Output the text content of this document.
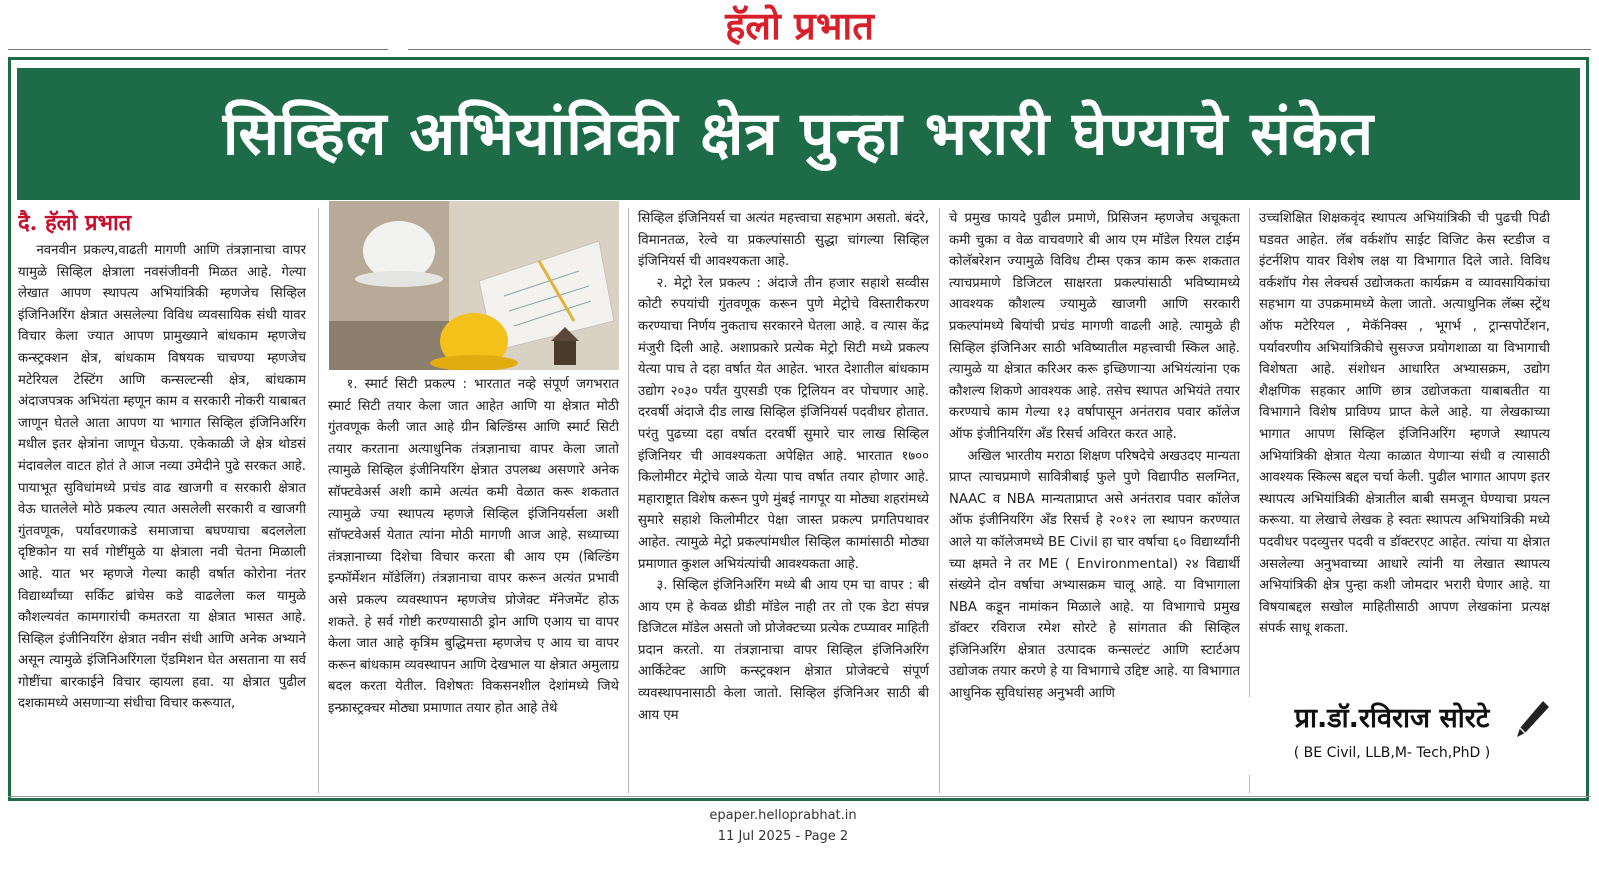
हॅलो प्रभात
सिव्हिल अभियांत्रिकी क्षेत्र पुन्हा भरारी घेण्याचे संकेत
दै. हॅलो प्रभात

नवनवीन प्रकल्प,वाढती मागणी आणि तंत्रज्ञानाचा वापर यामुळे सिव्हिल क्षेत्राला नवसंजीवनी मिळत आहे. गेल्या लेखात आपण स्थापत्य अभियांत्रिकी म्हणजेच सिव्हिल इंजिनिअरिंग क्षेत्रात असलेल्या विविध व्यवसायिक संधी यावर विचार केला ज्यात आपण प्रामुख्याने बांधकाम म्हणजेच कन्स्ट्रक्शन क्षेत्र, बांधकाम विषयक चाचण्या म्हणजेच मटेरियल टेस्टिंग आणि कन्सल्टन्सी क्षेत्र, बांधकाम अंदाजपत्रक अभियंता म्हणून काम व सरकारी नोकरी याबाबत जाणून घेतले आता आपण या भागात सिव्हिल इंजिनिअरिंग मधील इतर क्षेत्रांना जाणून घेऊया. एकेकाळी जे क्षेत्र थोडसं मंदावलेल वाटत होतं ते आज नव्या उमेदीने पुढे सरकत आहे. पायाभूत सुविधांमध्ये प्रचंड वाढ खाजगी व सरकारी क्षेत्रात वेऊ घातलेले मोठे प्रकल्प त्यात असलेली सरकारी व खाजगी गुंतवणूक, पर्यावरणाकडे समाजाचा बघण्याचा बदललेला दृष्टिकोन या सर्व गोष्टींमुळे या क्षेत्राला नवी चेतना मिळाली आहे. यात भर म्हणजे गेल्या काही वर्षात कोरोना नंतर विद्यार्थ्यांच्या सर्किट ब्रांचेस कडे वाढलेला कल यामुळे कौशल्यवंत कामगारांची कमतरता या क्षेत्रात भासत आहे. सिव्हिल इंजीनियरिंग क्षेत्रात नवीन संधी आणि अनेक अभ्याने असून त्यामुळे इंजिनिअरिंगला ऍडमिशन घेत असताना या सर्व गोष्टींचा बारकाईने विचार व्हायला हवा. या क्षेत्रात पुढील दशकामध्ये असणाऱ्या संधीचा विचार करूयात,

१. स्मार्ट सिटी प्रकल्प : भारतात नव्हे संपूर्ण जगभरात स्मार्ट सिटी तयार केला जात आहेत आणि या क्षेत्रात मोठी गुंतवणूक केली जात आहे ग्रीन बिल्डिंग्स आणि स्मार्ट सिटी तयार करताना अत्याधुनिक तंत्रज्ञानाचा वापर केला जातो त्यामुळे सिव्हिल इंजीनियरिंग क्षेत्रात उपलब्ध असणारे अनेक सॉफ्टवेअर्स अशी कामे अत्यंत कमी वेळात करू शकतात त्यामुळे ज्या स्थापत्य म्हणजे सिव्हिल इंजिनियर्सला अशी सॉफ्टवेअर्स येतात त्यांना मोठी मागणी आज आहे. सध्याच्या तंत्रज्ञानाच्या दिशेचा विचार करता बी आय एम (बिल्डिंग इन्फॉर्मेशन मॉडेलिंग) तंत्रज्ञानाचा वापर करून अत्यंत प्रभावी असे प्रकल्प व्यवस्थापन म्हणजेच प्रोजेक्ट मॅनेजमेंट होऊ शकते. हे सर्व गोष्टी करण्यासाठी ड्रोन आणि एआय चा वापर केला जात आहे कृत्रिम बुद्धिमत्ता म्हणजेच ए आय चा वापर करून बांधकाम व्यवस्थापन आणि देखभाल या क्षेत्रात अमुलाग्र बदल करता येतील. विशेषतः विकसनशील देशांमध्ये जिथे इन्फ्रास्ट्रक्चर मोठ्या प्रमाणात तयार होत आहे तेथे

सिव्हिल इंजिनियर्स चा अत्यंत महत्त्वाचा सहभाग असतो. बंदरे, विमानतळ, रेल्वे या प्रकल्पांसाठी सुद्धा चांगल्या सिव्हिल इंजिनियर्स ची आवश्यकता आहे.

२. मेट्रो रेल प्रकल्प : अंदाजे तीन हजार सहाशे सव्वीस कोटी रुपयांची गुंतवणूक करून पुणे मेट्रोचे विस्तारीकरण करण्याचा निर्णय नुकताच सरकारने घेतला आहे. व त्यास केंद्र मंजुरी दिली आहे. अशाप्रकारे प्रत्येक मेट्रो सिटी मध्ये प्रकल्प येत्या पाच ते दहा वर्षात येत आहेत. भारत देशातील बांधकाम उद्योग २०३० पर्यंत युएसडी एक ट्रिलियन वर पोचणार आहे. दरवर्षी अंदाजे दीड लाख सिव्हिल इंजिनियर्स पदवीधर होतात. परंतु पुढच्या दहा वर्षात दरवर्षी सुमारे चार लाख सिव्हिल इंजिनियर ची आवश्यकता अपेक्षित आहे. भारतात १७०० किलोमीटर मेट्रोचे जाळे येत्या पाच वर्षात तयार होणार आहे. महाराष्ट्रात विशेष करून पुणे मुंबई नागपूर या मोठ्या शहरांमध्ये सुमारे सहाशे किलोमीटर पेक्षा जास्त प्रकल्प प्रगतिपथावर आहेत. त्यामुळे मेट्रो प्रकल्पांमधील सिव्हिल कामांसाठी मोठ्या प्रमाणात कुशल अभियंत्यांची आवश्यकता आहे.

३. सिव्हिल इंजिनिअरिंग मध्ये बी आय एम चा वापर : बी आय एम हे केवळ थ्रीडी मॉडेल नाही तर तो एक डेटा संपन्न डिजिटल मॉडेल असतो जो प्रोजेक्टच्या प्रत्येक टप्प्यावर माहिती प्रदान करतो. या तंत्रज्ञानाचा वापर सिव्हिल इंजिनिअरिंग आर्किटेक्ट आणि कन्स्ट्रक्शन क्षेत्रात प्रोजेक्टचे संपूर्ण व्यवस्थापनासाठी केला जातो. सिव्हिल इंजिनिअर साठी बी आय एम

चे प्रमुख फायदे पुढील प्रमाणे, प्रिसिजन म्हणजेच अचूकता कमी चुका व वेळ वाचवणारे बी आय एम मॉडेल रियल टाईम कोलॅबरेशन ज्यामुळे विविध टीम्स एकत्र काम करू शकतात त्याचप्रमाणे डिजिटल साक्षरता प्रकल्पांसाठी भविष्यामध्ये आवश्यक कौशल्य ज्यामुळे खाजगी आणि सरकारी प्रकल्पांमध्ये बियांची प्रचंड मागणी वाढली आहे. त्यामुळे ही सिव्हिल इंजिनिअर साठी भविष्यातील महत्त्वाची स्किल आहे. त्यामुळे या क्षेत्रात करिअर करू इच्छिणाऱ्या अभियंत्यांना एक कौशल्य शिकणे आवश्यक आहे. तसेच स्थापत अभियंते तयार करण्याचे काम गेल्या १३ वर्षापासून अनंतराव पवार कॉलेज ऑफ इंजीनियरिंग अँड रिसर्च अविरत करत आहे.

अखिल भारतीय मराठा शिक्षण परिषदेचे अखउदए मान्यता प्राप्त त्याचप्रमाणे सावित्रीबाई फुले पुणे विद्यापीठ सलग्नित, NAAC व NBA मान्यताप्राप्त असे अनंतराव पवार कॉलेज ऑफ इंजीनियरिंग अँड रिसर्च हे २०१२ ला स्थापन करण्यात आले या कॉलेजमध्ये BE Civil हा चार वर्षाचा ६० विद्यार्थ्यांनी च्या क्षमते ने तर ME ( Environmental) २४ विद्यार्थी संख्येने दोन वर्षाचा अभ्यासक्रम चालू आहे. या विभागाला NBA कडून नामांकन मिळाले आहे. या विभागाचे प्रमुख डॉक्टर रविराज रमेश सोरटे हे सांगतात की सिव्हिल इंजिनिअरिंग क्षेत्रात उत्पादक कन्सल्टंट आणि स्टार्टअप उद्योजक तयार करणे हे या विभागाचे उद्दिष्ट आहे. या विभागात आधुनिक सुविधांसह अनुभवी आणि

उच्चशिक्षित शिक्षकवृंद स्थापत्य अभियांत्रिकी ची पुढची पिढी घडवत आहेत. लॅब वर्कशॉप साईट विजिट केस स्टडीज व इंटर्नशिप यावर विशेष लक्ष या विभागात दिले जाते. विविध वर्कशॉप गेस लेक्चर्स उद्योजकता कार्यक्रम व व्यावसायिकांचा सहभाग या उपक्रमामध्ये केला जातो. अत्याधुनिक लॅब्स स्ट्रेंथ ऑफ मटेरियल , मेकॅनिक्स , भूगर्भ , ट्रान्सपोर्टेशन, पर्यावरणीय अभियांत्रिकीचे सुसज्ज प्रयोगशाळा या विभागाची विशेषता आहे. संशोधन आधारित अभ्यासक्रम, उद्योग शैक्षणिक सहकार आणि छात्र उद्योजकता याबाबतीत या विभागाने विशेष प्राविण्य प्राप्त केले आहे. या लेखकाच्या भागात आपण सिव्हिल इंजिनिअरिंग म्हणजे स्थापत्य अभियांत्रिकी क्षेत्रात येत्या काळात येणाऱ्या संधी व त्यासाठी आवश्यक स्किल्स बद्दल चर्चा केली. पुढील भागात आपण इतर स्थापत्य अभियांत्रिकी क्षेत्रातील बाबी समजून घेण्याचा प्रयत्न करूया. या लेखाचे लेखक हे स्वतः स्थापत्य अभियांत्रिकी मध्ये पदवीधर पदव्युत्तर पदवी व डॉक्टरएट आहेत. त्यांचा या क्षेत्रात असलेल्या अनुभवाच्या आधारे त्यांनी या लेखात स्थापत्य अभियांत्रिकी क्षेत्र पुन्हा कशी जोमदार भरारी घेणार आहे. या विषयाबद्दल सखोल माहितीसाठी आपण लेखकांना प्रत्यक्ष संपर्क साधू शकता.

प्रा.डॉ.रविराज सोरटे
( BE Civil, LLB,M- Tech,PhD )
epaper.helloprabhat.in
11 Jul 2025 - Page 2
